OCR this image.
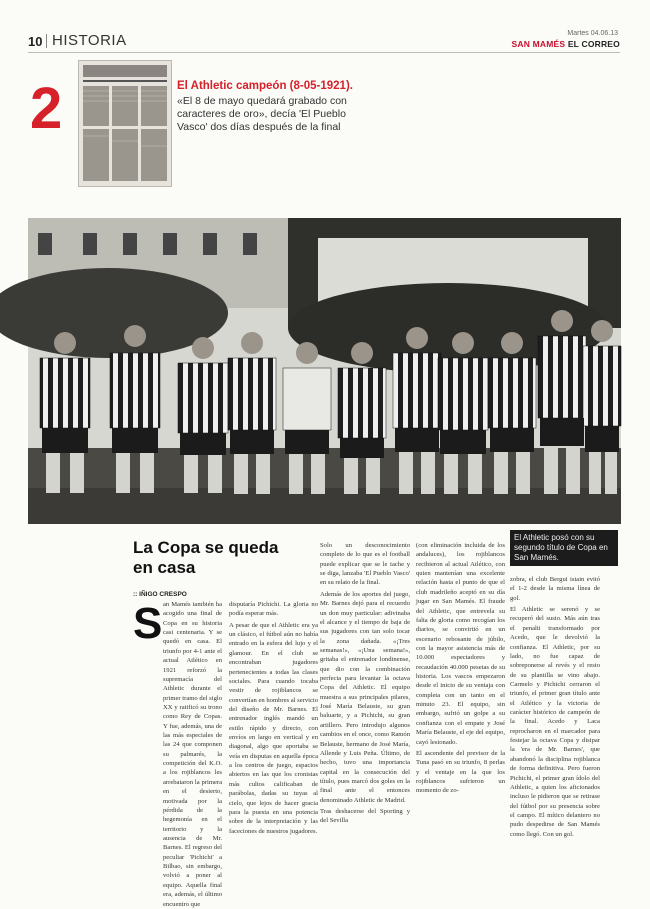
10 HISTORIA	Martes 04.06.13
SAN MAMÉS EL CORREO
2	El Athletic campeón (8-05-1921).
«El 8 de mayo quedará grabado con caracteres de oro», decía 'El Pueblo Vasco' dos días después de la final
El Athletic posó con su segundo título de Copa en San Mamés.
La Copa se queda en casa
:: IÑIGO CRESPO
S an Mamés también ha acogido una final de Copa en su historia casi centenaria. Y se quedó en casa. El triunfo por 4-1 ante el actual Atlético en 1921 reforzó la supremacía del Athletic durante el primer tramo del siglo XX y ratificó su trono como Rey de Copas. Y fue, además, una de las más especiales de las 24 que componen su palmarés, la competición del K.O. a los rojiblancos les arrebataron la primera en el desierto, motivada por la pérdida de la hegemonía en el territorio y la ausencia de Mr. Barnes. El regreso del peculiar 'Pichichi' a Bilbao, sin embargo, volvió a poner al equipo. Aquella final era, además, el último encuentro que

disputaría Pichichi. La gloria no podía esperar más.

A pesar de que el Athletic era ya un clásico, el fútbol aún no había entrado en la esfera del lujo y el glamour. En el club se encontraban jugadores pertenecientes a todas las clases sociales. Para cuando tocaba vestir de rojiblancos se convertían en hombres al servicio del diseño de Mr. Barnes. El entrenador inglés mandó un estilo rápido y directo, con envíos en largo en vertical y en diagonal, algo que aportaba se veía en disputas en aquella época a los centros de juego, espacios abiertos en las que los cronistas más cultos calificaban de parábolas, dadas su tuyas al cielo, que lejos de hacer gracia para la puesta en una potencia sobre de la interpretación y las faceciones de nuestros jugadores.

Solo un desconocimiento completo de lo que es el football puede explicar que se le tache y se diga, lanzaba 'El Pueblo Vasco' en su relato de la final.

Además de los aportes del juego, Mr. Barnes dejó para el recuerdo un don muy particular: adivinaba el alcance y el tiempo de baja de sus jugadores con tan solo tocar la zona dañada. «¡Tres semanas!», «¡Una semana!», gritaba el entrenador londinense, que dio con la combinación perfecta para levantar la octava Copa del Athletic. El equipo muestra a sus principales pilares, José María Belauste, su gran baluarte, y a Pichichi, su gran artillero. Pero introdujo algunos cambios en el once, como Ramón Belauste, hermano de José María, Allende y Luis Peña. Último, de hecho, tuvo una importancia capital en la consecución del título, pues marcó dos goles en la final ante el entonces denominado Athletic de Madrid.

Tras deshacerse del Sporting y del Sevilla

(con eliminación incluida de los andaluces), los rojiblancos recibieron al actual Atlético, con quien mantenían una excelente relación hasta el punto de que el club madrileño aceptó en su día jugar en San Mamés. El fraude del Athletic, que entrevela su falta de gloria como recogían los diarios, se convirtió en un escenario rebosante de júbilo, con la mayor asistencia más de 10.000 espectadores y recaudación 40.000 pesetas de su historia. Los vascos empezaron desde el inicio de su ventaja con completa con un tanto en el minuto 23. El equipo, sin embargo, sufrió un golpe a su confianza con el empate y José María Belauste, el eje del equipo, cayó lesionado.

El ascendente del previsor de la Tuna pasó en su triunfo, 8 perlas y el ventaje en la que los rojiblancos sufrieron un momento de zo-

zobra, el club Bergui istain evitó el 1-2 desde la misma línea de gol.

El Athletic se serenó y se recuperó del susto. Más aún tras el penalti transformado por Acedo, que le devolvió la confianza. El Athletic, por su lado, no fue capaz de sobreponerse al revés y el resto de su plantilla se vino abajo. Carmelo y Pichichi cerraron el triunfo, el primer gran título ante el Atlético y la victoria de carácter histórico de campeón de la final. Acedo y Laca reprocharon en el marcador para festejar la octava Copa y disipar la 'era de Mr. Barnes', que abandonó la disciplina rojiblanca de forma definitiva. Pero fueron Pichichi, el primer gran ídolo del Athletic, a quien los aficionados incluso le pidieron que se retirase del fútbol por su presencia sobre el campo. El mítico delantero no pudo despedirse de San Mamés como llegó. Con un gol.
